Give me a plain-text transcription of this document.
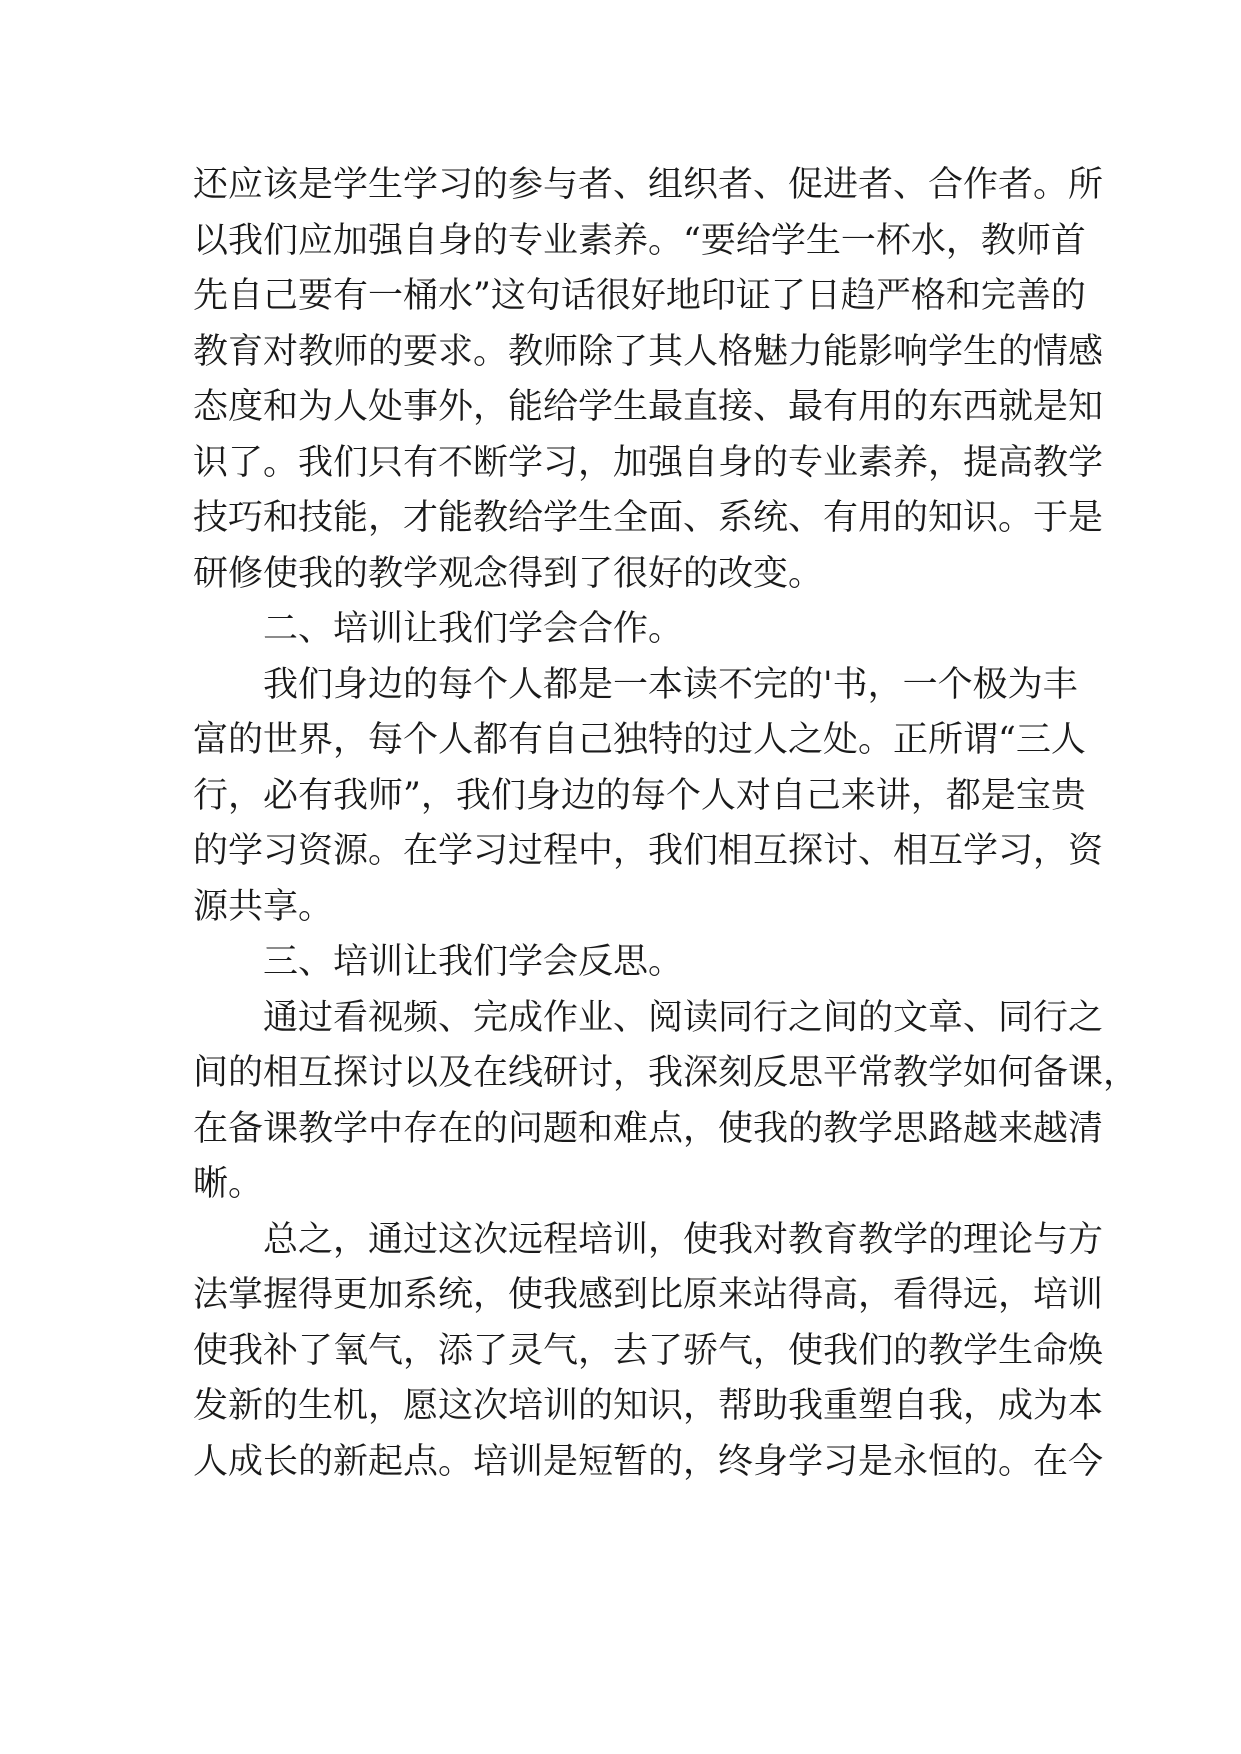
还应该是学生学习的参与者、组织者、促进者、合作者。所
以我们应加强自身的专业素养。“要给学生一杯水，教师首
先自己要有一桶水”这句话很好地印证了日趋严格和完善的
教育对教师的要求。教师除了其人格魅力能影响学生的情感
态度和为人处事外，能给学生最直接、最有用的东西就是知
识了。我们只有不断学习，加强自身的专业素养，提高教学
技巧和技能，才能教给学生全面、系统、有用的知识。于是
研修使我的教学观念得到了很好的改变。
二、培训让我们学会合作。
我们身边的每个人都是一本读不完的'书，一个极为丰
富的世界，每个人都有自己独特的过人之处。正所谓“三人
行，必有我师”，我们身边的每个人对自己来讲，都是宝贵
的学习资源。在学习过程中，我们相互探讨、相互学习，资
源共享。
三、培训让我们学会反思。
通过看视频、完成作业、阅读同行之间的文章、同行之
间的相互探讨以及在线研讨，我深刻反思平常教学如何备课，
在备课教学中存在的问题和难点，使我的教学思路越来越清
晰。
总之，通过这次远程培训，使我对教育教学的理论与方
法掌握得更加系统，使我感到比原来站得高，看得远，培训
使我补了氧气，添了灵气，去了骄气，使我们的教学生命焕
发新的生机，愿这次培训的知识，帮助我重塑自我，成为本
人成长的新起点。培训是短暂的，终身学习是永恒的。在今
